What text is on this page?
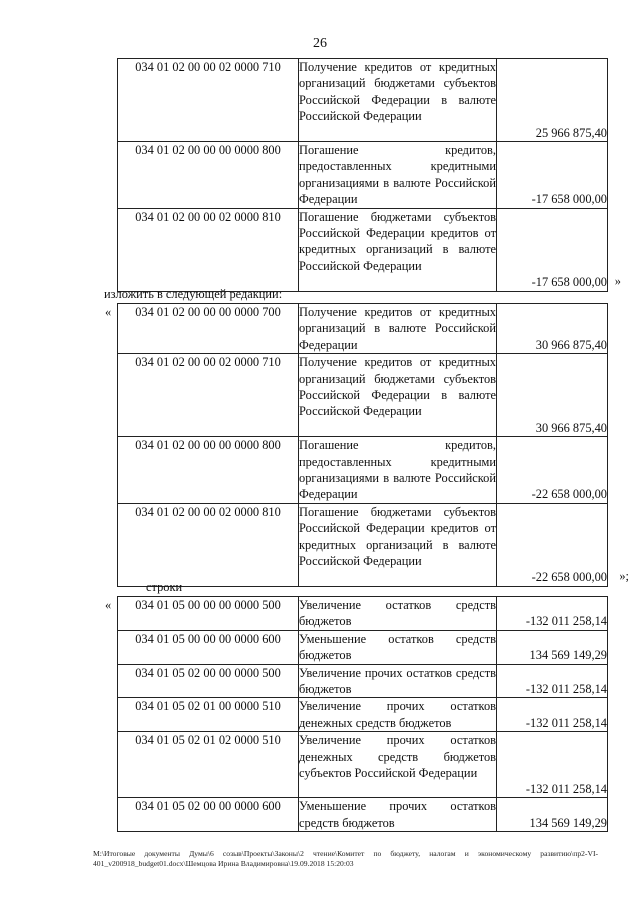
26
034 01 02 00 00 02 0000 710	Получение кредитов от кредитных организаций бюджетами субъектов Российской Федерации в валюте Российской Федерации	25 966 875,40
034 01 02 00 00 00 0000 800	Погашение кредитов, предоставленных кредитными организациями в валюте Российской Федерации	-17 658 000,00
034 01 02 00 00 02 0000 810	Погашение бюджетами субъектов Российской Федерации кредитов от кредитных организаций в валюте Российской Федерации	-17 658 000,00 »
изложить в следующей редакции:
« 034 01 02 00 00 00 0000 700	Получение кредитов от кредитных организаций в валюте Российской Федерации	30 966 875,40
034 01 02 00 00 02 0000 710	Получение кредитов от кредитных организаций бюджетами субъектов Российской Федерации в валюте Российской Федерации	30 966 875,40
034 01 02 00 00 00 0000 800	Погашение кредитов, предоставленных кредитными организациями в валюте Российской Федерации	-22 658 000,00
034 01 02 00 00 02 0000 810	Погашение бюджетами субъектов Российской Федерации кредитов от кредитных организаций в валюте Российской Федерации	-22 658 000,00 »;
строки
« 034 01 05 00 00 00 0000 500	Увеличение остатков средств бюджетов	-132 011 258,14
034 01 05 00 00 00 0000 600	Уменьшение остатков средств бюджетов	134 569 149,29
034 01 05 02 00 00 0000 500	Увеличение прочих остатков средств бюджетов	-132 011 258,14
034 01 05 02 01 00 0000 510	Увеличение прочих остатков денежных средств бюджетов	-132 011 258,14
034 01 05 02 01 02 0000 510	Увеличение прочих остатков денежных средств бюджетов субъектов Российской Федерации	-132 011 258,14
034 01 05 02 00 00 0000 600	Уменьшение прочих остатков средств бюджетов	134 569 149,29
M:\Итоговые документы Думы\6 созыв\Проекты\Законы\2 чтение\Комитет по бюджету, налогам и экономическому развитию\пр2-VI-401_v200918_budget01.docx\Шемцова Ирина Владимировна\19.09.2018 15:20:03
